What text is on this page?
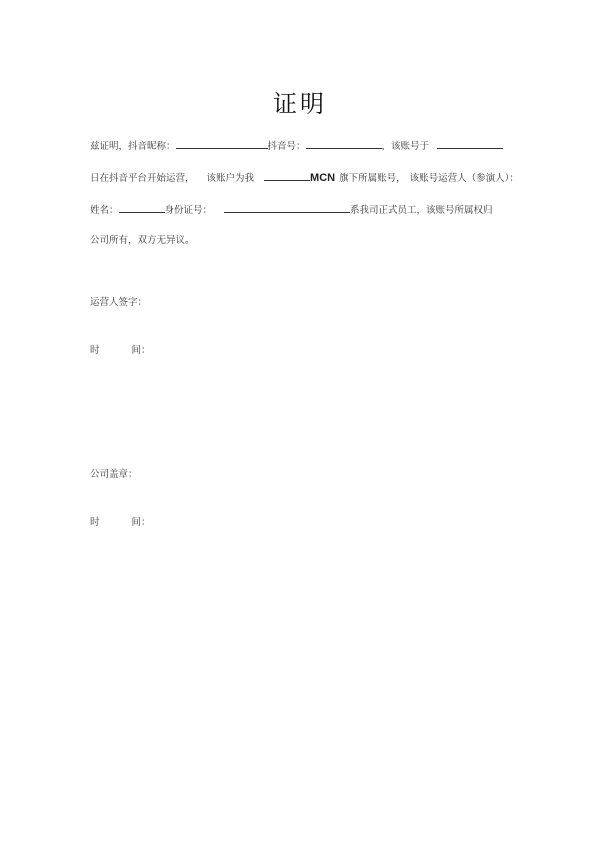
证明
兹证明，抖音昵称：	抖音号：	，该账号于
日在抖音平台开始运营， 该账户为我	MCN 旗下所属账号， 该账号运营人（参演人）：
姓名：	身份证号：	系我司正式员工，该账号所属权归
公司所有，双方无异议。
运营人签字：
时	间：
公司盖章：
时	间：
